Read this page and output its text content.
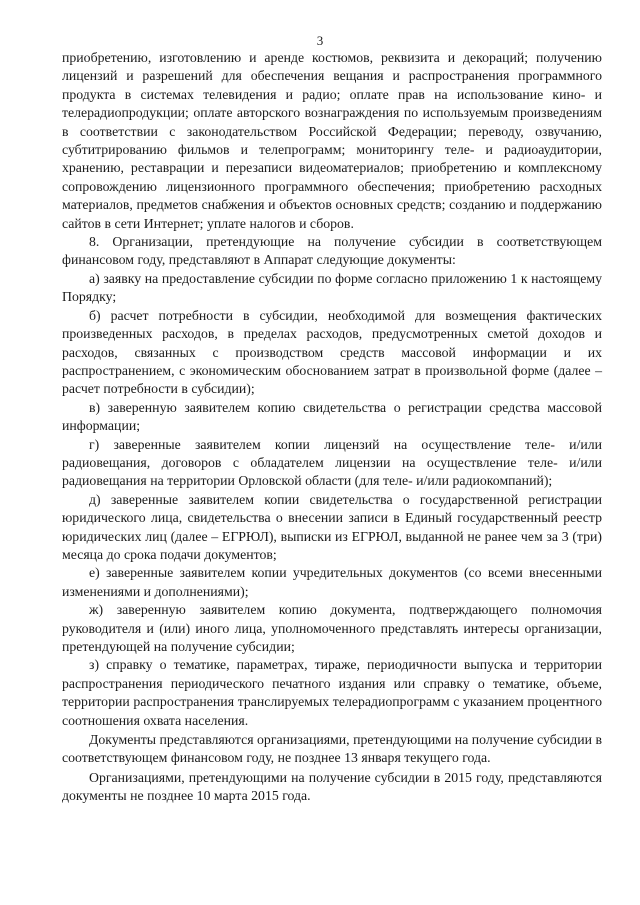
3

приобретению, изготовлению и аренде костюмов, реквизита и декораций; получению лицензий и разрешений для обеспечения вещания и распространения программного продукта в системах телевидения и радио; оплате прав на использование кино- и телерадиопродукции; оплате авторского вознаграждения по используемым произведениям в соответствии с законодательством Российской Федерации; переводу, озвучанию, субтитрированию фильмов и телепрограмм; мониторингу теле- и радиоаудитории, хранению, реставрации и перезаписи видеоматериалов; приобретению и комплексному сопровождению лицензионного программного обеспечения; приобретению расходных материалов, предметов снабжения и объектов основных средств; созданию и поддержанию сайтов в сети Интернет; уплате налогов и сборов.

8. Организации, претендующие на получение субсидии в соответствующем финансовом году, представляют в Аппарат следующие документы:

а) заявку на предоставление субсидии по форме согласно приложению 1 к настоящему Порядку;

б) расчет потребности в субсидии, необходимой для возмещения фактических произведенных расходов, в пределах расходов, предусмотренных сметой доходов и расходов, связанных с производством средств массовой информации и их распространением, с экономическим обоснованием затрат в произвольной форме (далее – расчет потребности в субсидии);

в) заверенную заявителем копию свидетельства о регистрации средства массовой информации;

г) заверенные заявителем копии лицензий на осуществление теле- и/или радиовещания, договоров с обладателем лицензии на осуществление теле- и/или радиовещания на территории Орловской области (для теле- и/или радиокомпаний);

д) заверенные заявителем копии свидетельства о государственной регистрации юридического лица, свидетельства о внесении записи в Единый государственный реестр юридических лиц (далее – ЕГРЮЛ), выписки из ЕГРЮЛ, выданной не ранее чем за 3 (три) месяца до срока подачи документов;

е) заверенные заявителем копии учредительных документов (со всеми внесенными изменениями и дополнениями);

ж) заверенную заявителем копию документа, подтверждающего полномочия руководителя и (или) иного лица, уполномоченного представлять интересы организации, претендующей на получение субсидии;

з) справку о тематике, параметрах, тираже, периодичности выпуска и территории распространения периодического печатного издания или справку о тематике, объеме, территории распространения транслируемых телерадиопрограмм с указанием процентного соотношения охвата населения.

Документы представляются организациями, претендующими на получение субсидии в соответствующем финансовом году, не позднее 13 января текущего года.

Организациями, претендующими на получение субсидии в 2015 году, представляются документы не позднее 10 марта 2015 года.
